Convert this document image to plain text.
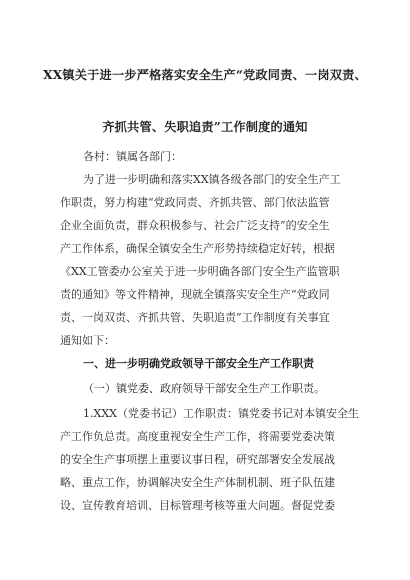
XX镇关于进一步严格落实安全生产“党政同责、一岗双责、
齐抓共管、失职追责”工作制度的通知
各村：镇属各部门：
为了进一步明确和落实XX镇各级各部门的安全生产工
作职责，努力构建“党政同责、齐抓共管、部门依法监管
企业全面负责，群众积极参与、社会广泛支持”的安全生
产工作体系，确保全镇安全生产形势持续稳定好转，根据
《XX工管委办公室关于进一步明确各部门安全生产监管职
责的通知》等文件精神，现就全镇落实安全生产“党政同
责、一岗双责、齐抓共管、失职追责”工作制度有关事宜
通知如下：
一、进一步明确党政领导干部安全生产工作职责
（一）镇党委、政府领导干部安全生产工作职责。
1.XXX（党委书记）工作职责：镇党委书记对本镇安全生
产工作负总责。高度重视安全生产工作，将需要党委决策
的安全生产事项摆上重要议事日程，研究部署安全发展战
略、重点工作，协调解决安全生产体制机制、班子队伍建
设、宣传教育培训、目标管理考核等重大问题。督促党委
